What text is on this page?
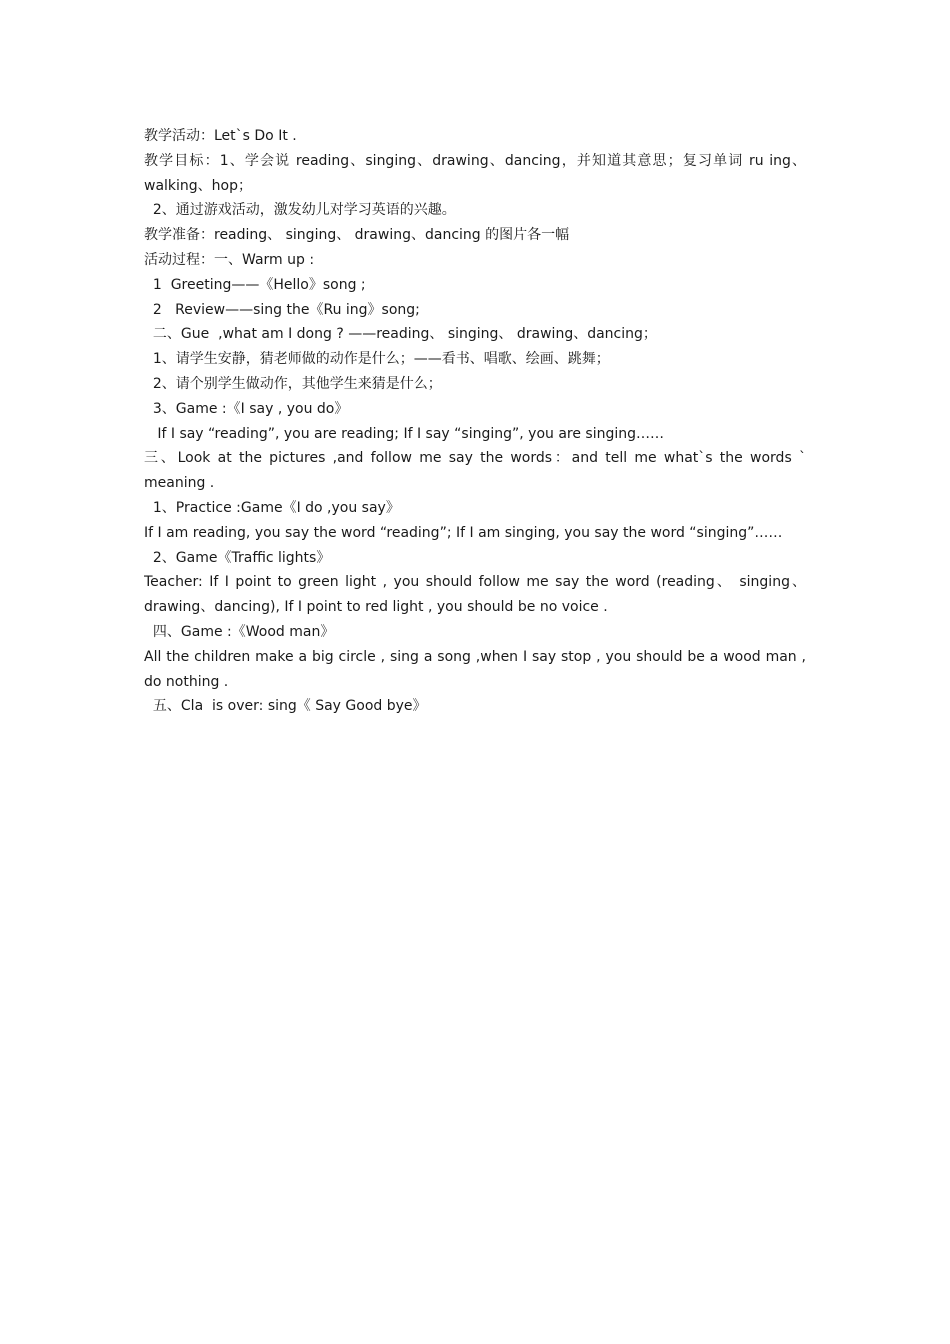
教学活动：Let`s Do It .

教学目标：1、学会说 reading、singing、drawing、dancing，并知道其意思；复习单词 ru ing、walking、hop；

2、通过游戏活动，激发幼儿对学习英语的兴趣。

教学准备：reading、 singing、 drawing、dancing 的图片各一幅

活动过程：一、Warm up :

1  Greeting——《Hello》song ;

2   Review——sing the《Ru ing》song;

二、Gue  ,what am I dong ? ——reading、 singing、 drawing、dancing；

1、请学生安静，猜老师做的动作是什么；——看书、唱歌、绘画、跳舞；

2、请个别学生做动作，其他学生来猜是什么；

3、Game :《I say , you do》

If I say “reading”, you are reading; If I say “singing”, you are singing……

三、Look at the pictures ,and follow me say the words：and tell me what`s the words ` meaning .

1、Practice :Game《I do ,you say》

If I am reading, you say the word “reading”; If I am singing, you say the word “singing”……

2、Game《Traffic lights》

Teacher: If I point to green light , you should follow me say the word (reading、 singing、drawing、dancing), If I point to red light , you should be no voice .

四、Game :《Wood man》

All the children make a big circle , sing a song ,when I say stop , you should be a wood man , do nothing .

五、Cla  is over: sing《 Say Good bye》
